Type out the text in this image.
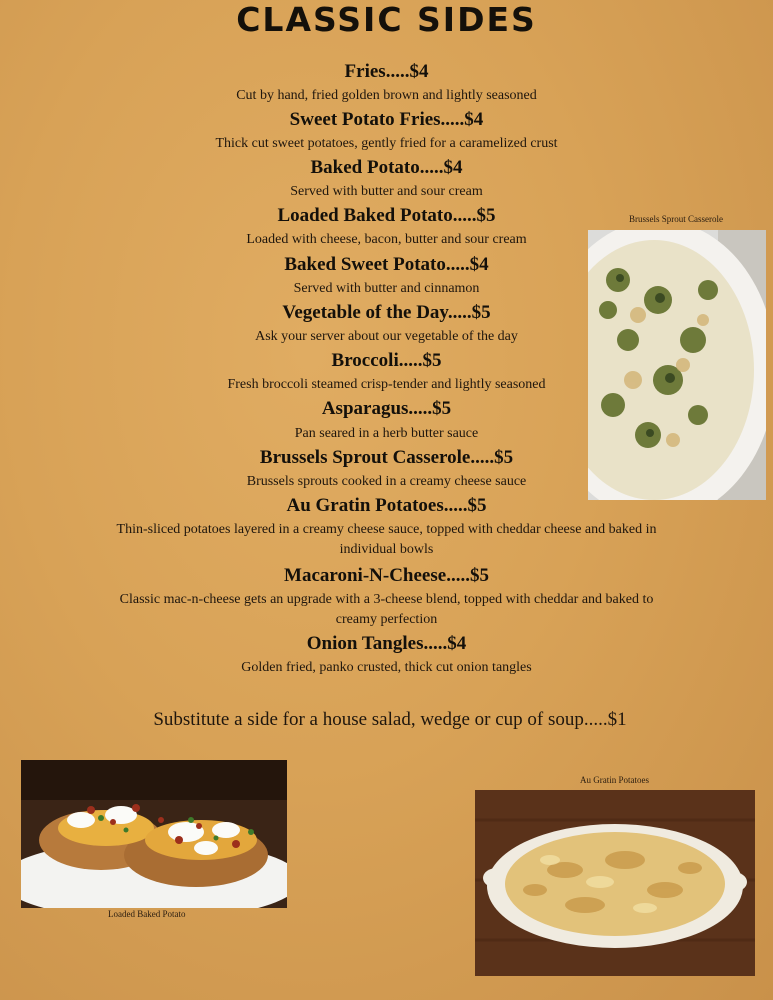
CLASSIC SIDES
Fries.....$4
Cut by hand, fried golden brown and lightly seasoned
Sweet Potato Fries.....$4
Thick cut sweet potatoes, gently fried for a caramelized crust
Baked Potato.....$4
Served with butter and sour cream
Loaded Baked Potato.....$5
Loaded with cheese, bacon, butter and sour cream
Baked Sweet Potato.....$4
Served with butter and cinnamon
Vegetable of the Day.....$5
Ask your server about our vegetable of the day
Broccoli.....$5
Fresh broccoli steamed crisp-tender and lightly seasoned
Asparagus.....$5
Pan seared in a herb butter sauce
Brussels Sprout Casserole.....$5
Brussels sprouts cooked in a creamy cheese sauce
Au Gratin Potatoes.....$5
Thin-sliced potatoes layered in a creamy cheese sauce, topped with cheddar cheese and baked in individual bowls
Macaroni-N-Cheese.....$5
Classic mac-n-cheese gets an upgrade with a 3-cheese blend, topped with cheddar and baked to creamy perfection
Onion Tangles.....$4
Golden fried, panko crusted, thick cut onion tangles
Substitute a side for a house salad, wedge or cup of soup.....$1
Brussels Sprout Casserole
Loaded Baked Potato
Au Gratin Potatoes
